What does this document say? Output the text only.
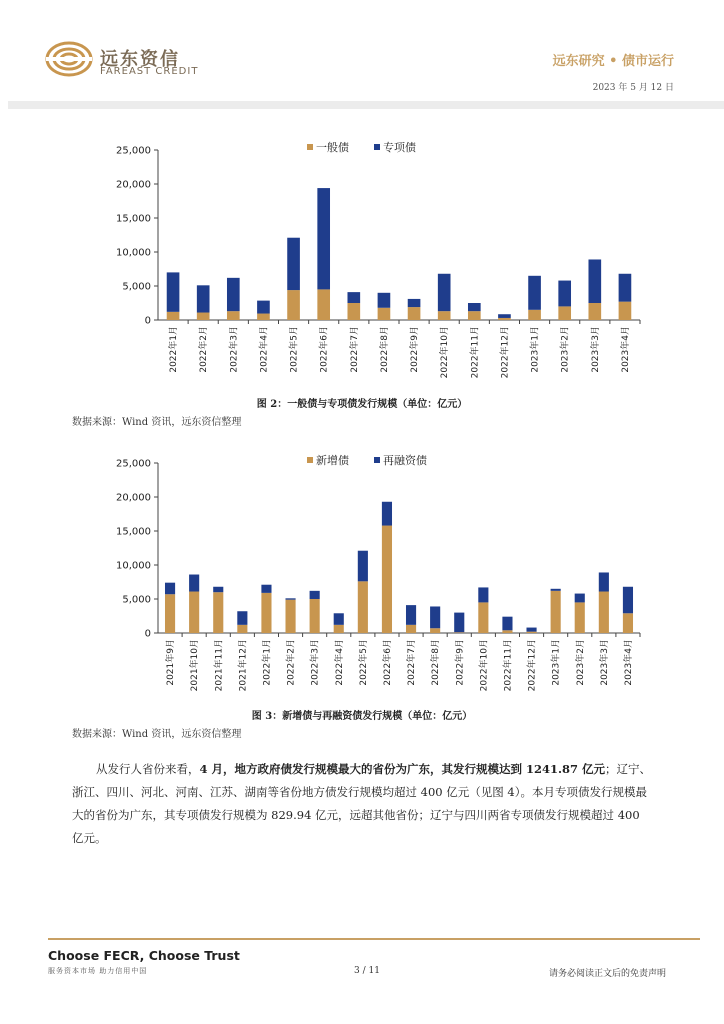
远东资信
FAREAST CREDIT
远东研究 • 债市运行
2023 年 5 月 12 日
0
5,000
10,000
15,000
20,000
25,000
2022年1月 2022年2月 2022年3月 2022年4月 2022年5月 2022年6月 2022年7月 2022年8月 2022年9月 2022年10月 2022年11月 2022年12月 2023年1月 2023年2月 2023年3月 2023年4月
一般债	专项债
图 2：一般债与专项债发行规模（单位：亿元）
数据来源：Wind 资讯，远东资信整理
0
5,000
10,000
15,000
20,000
25,000
2021年9月 2021年10月 2021年11月 2021年12月 2022年1月 2022年2月 2022年3月 2022年4月 2022年5月 2022年6月 2022年7月 2022年8月 2022年9月 2022年10月 2022年11月 2022年12月 2023年1月 2023年2月 2023年3月 2023年4月
新增债	再融资债
图 3：新增债与再融资债发行规模（单位：亿元）
数据来源：Wind 资讯，远东资信整理
从发行人省份来看，4 月，地方政府债发行规模最大的省份为广东，其发行规模达到 1241.87 亿元；辽宁、浙江、四川、河北、河南、江苏、湖南等省份地方债发行规模均超过 400 亿元（见图 4）。本月专项债发行规模最大的省份为广东，其专项债发行规模为 829.94 亿元，远超其他省份；辽宁与四川两省专项债发行规模超过 400 亿元。
Choose FECR, Choose Trust
服务资本市场 助力信用中国	3 / 11	请务必阅读正文后的免责声明
